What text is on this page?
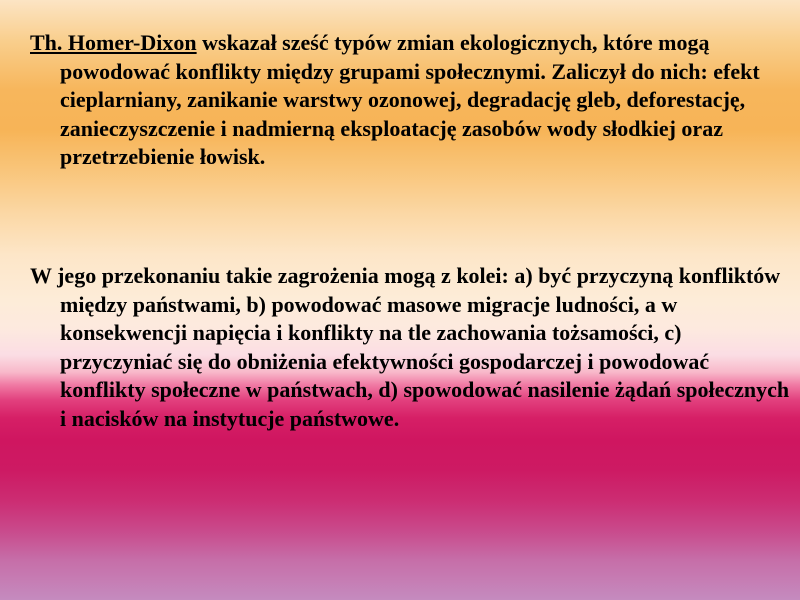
Th. Homer-Dixon wskazał sześć typów zmian ekologicznych, które mogą powodować konflikty między grupami społecznymi. Zaliczył do nich: efekt cieplarniany, zanikanie warstwy ozonowej, degradację gleb, deforestację, zanieczyszczenie i nadmierną eksploatację zasobów wody słodkiej oraz przetrzebienie łowisk.

W jego przekonaniu takie zagrożenia mogą z kolei: a) być przyczyną konfliktów między państwami, b) powodować masowe migracje ludności, a w konsekwencji napięcia i konflikty na tle zachowania tożsamości, c) przyczyniać się do obniżenia efektywności gospodarczej i powodować konflikty społeczne w państwach, d) spowodować nasilenie żądań społecznych i nacisków na instytucje państwowe.
